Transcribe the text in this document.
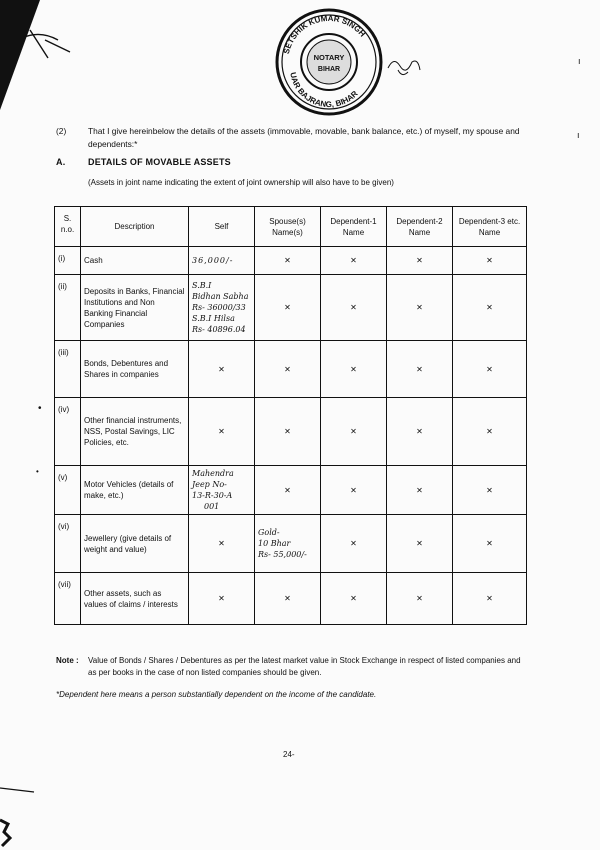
•
•
ı
ı
SETSHIK KUMAR SINGH
UAR BAJRANG, BIHAR
NOTARY
BIHAR
(2)	That I give hereinbelow the details of the assets (immovable, movable, bank balance, etc.) of myself, my spouse and dependents:*
A.	DETAILS OF MOVABLE ASSETS
(Assets in joint name indicating the extent of joint ownership will also have to be given)
S. n.o.	Description	Self	Spouse(s) Name(s)	Dependent-1 Name	Dependent-2 Name	Dependent-3 etc. Name
(i)	Cash	36,000/-	✕	✕	✕	✕
(ii)	Deposits in Banks, Financial Institutions and Non Banking Financial Companies	S.B.I
Bidhan Sabha
Rs- 36000/33
S.B.I Hilsa
Rs- 40896.04	✕	✕	✕	✕
(iii)	Bonds, Debentures and Shares in companies	✕	✕	✕	✕	✕
(iv)	Other financial instruments, NSS, Postal Savings, LIC Policies, etc.	✕	✕	✕	✕	✕
(v)	Motor Vehicles (details of make, etc.)	Mahendra
Jeep No-
13-R-30-A
001	✕	✕	✕	✕
(vi)	Jewellery (give details of weight and value)	✕	Gold-
10 Bhar
Rs- 55,000/-	✕	✕	✕
(vii)	Other assets, such as values of claims / interests	✕	✕	✕	✕	✕
Note : Value of Bonds / Shares / Debentures as per the latest market value in Stock Exchange in respect of listed companies and as per books in the case of non listed companies should be given.
*Dependent here means a person substantially dependent on the income of the candidate.
24-
